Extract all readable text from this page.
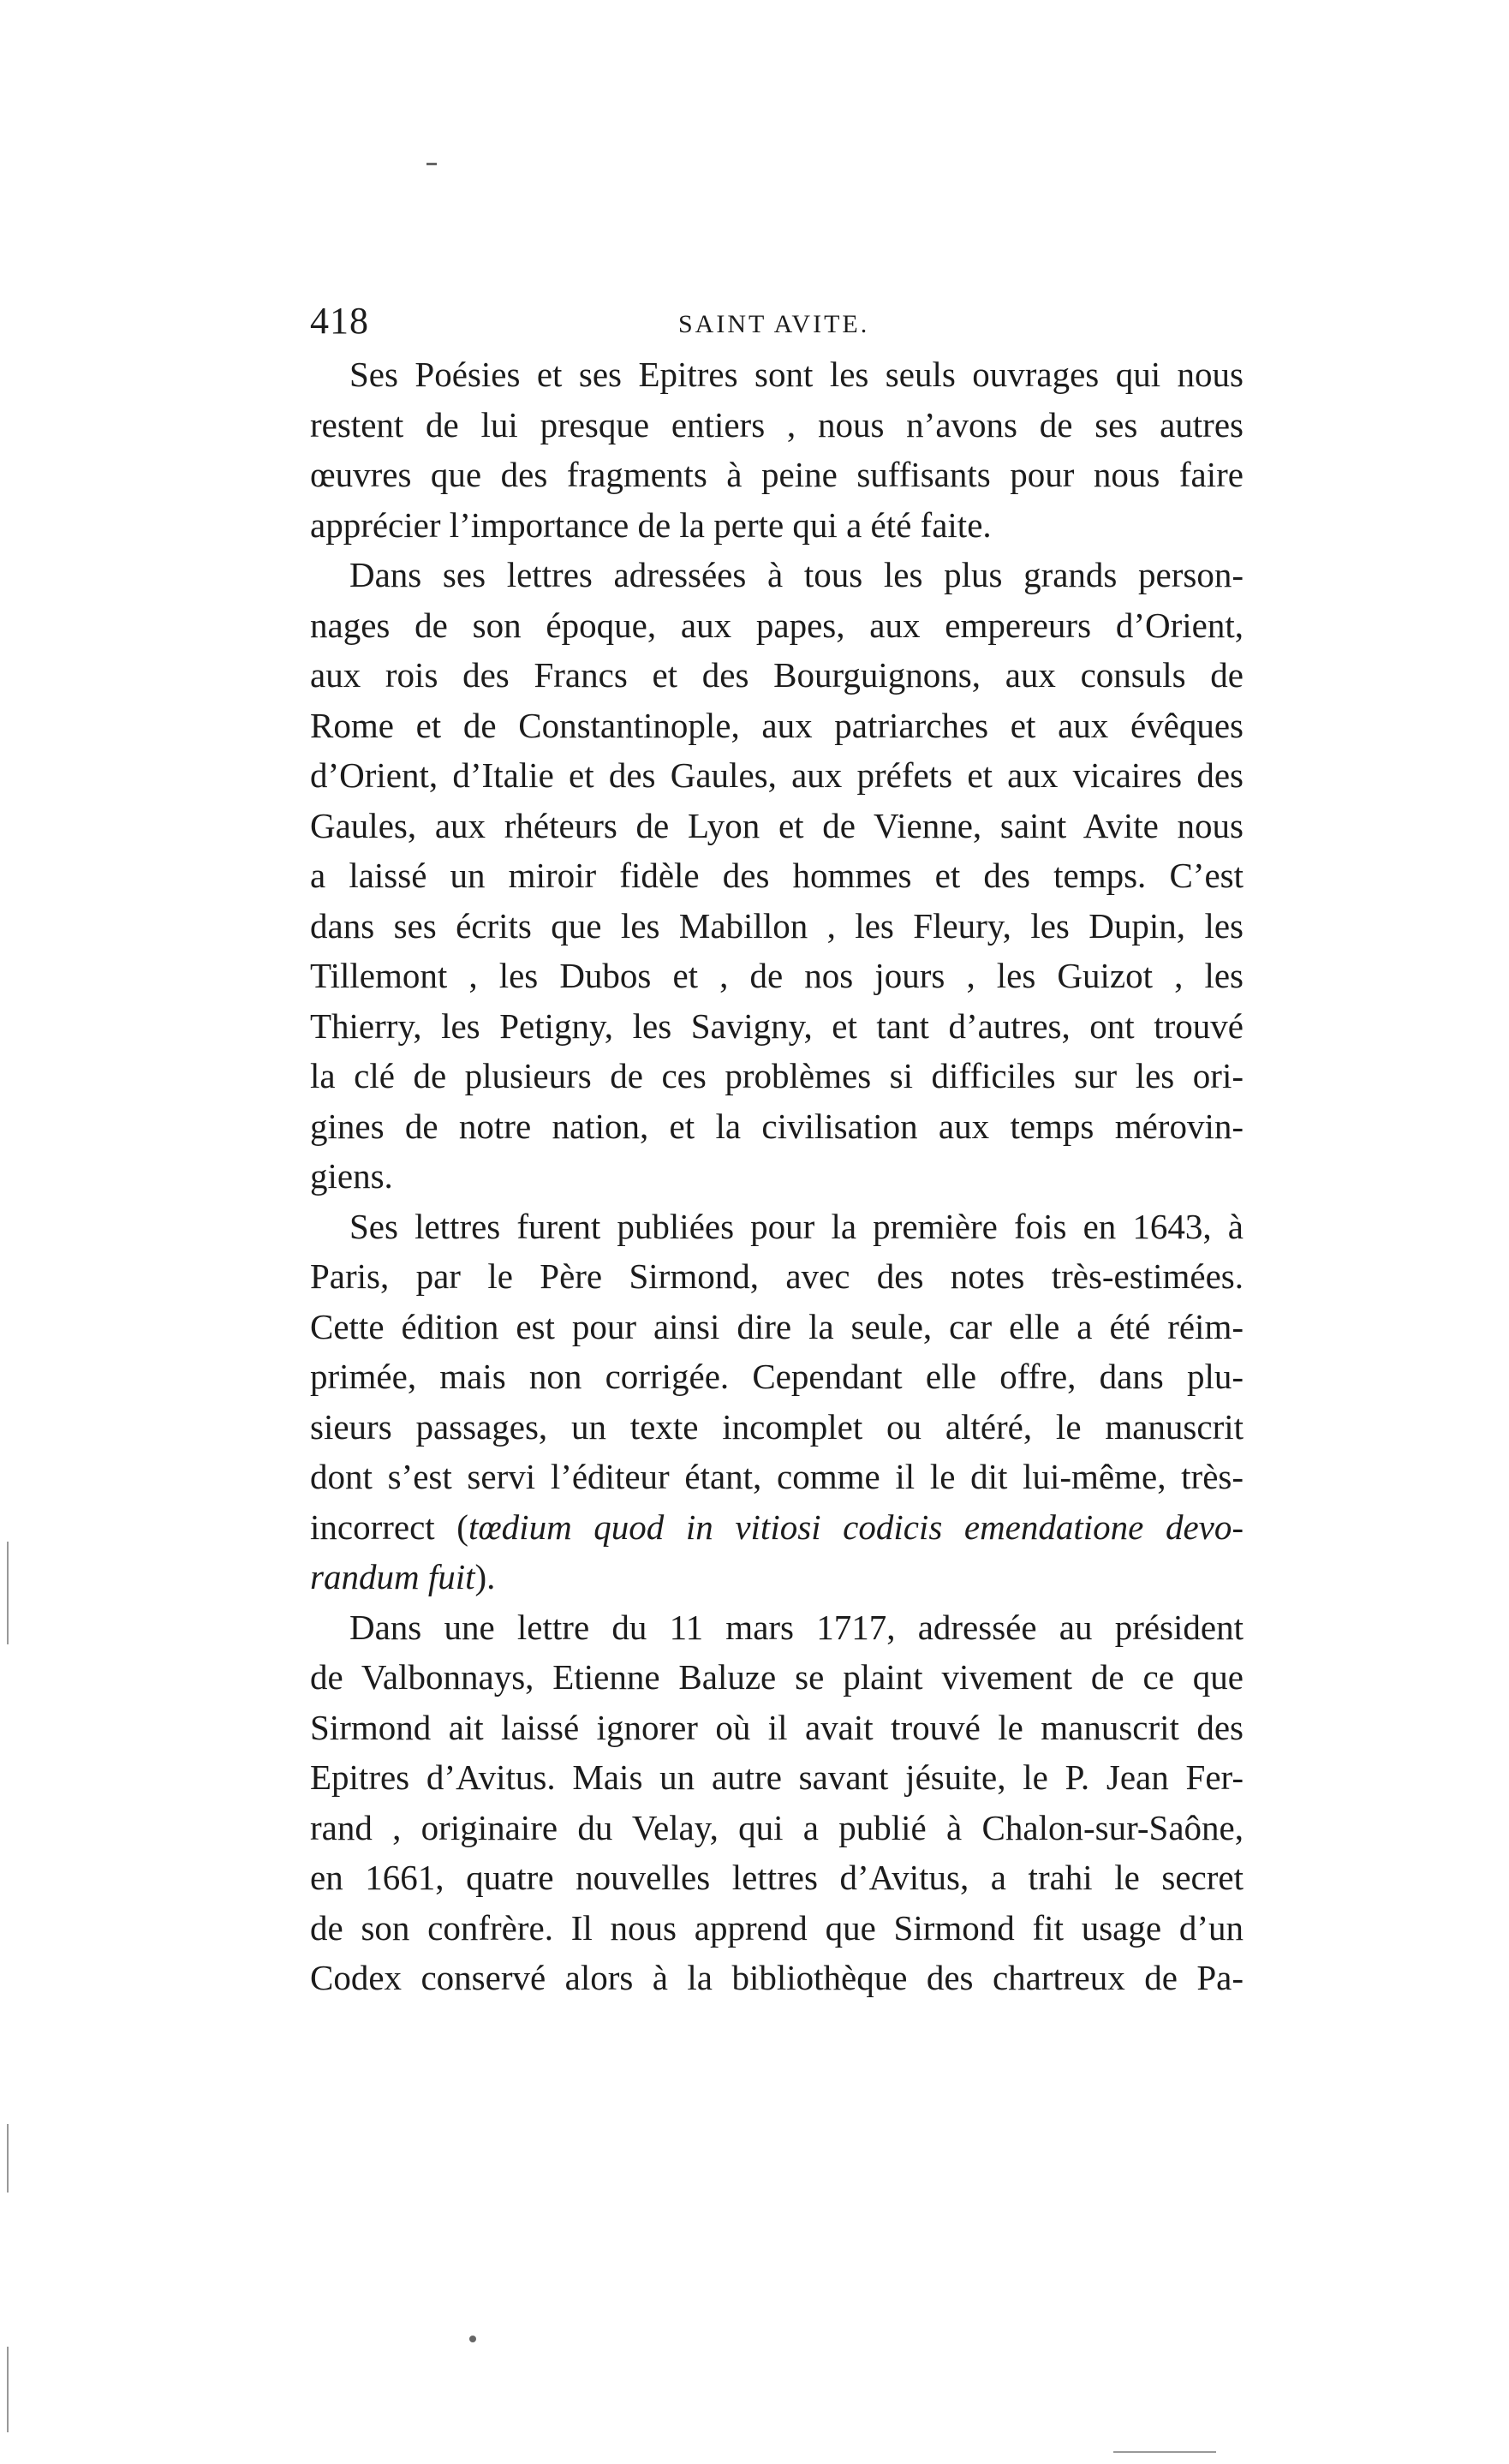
418	SAINT AVITE.
Ses Poésies et ses Epitres sont les seuls ouvrages qui nous
restent de lui presque entiers , nous n’avons de ses autres
œuvres que des fragments à peine suffisants pour nous faire
apprécier l’importance de la perte qui a été faite.
Dans ses lettres adressées à tous les plus grands person-
nages de son époque, aux papes, aux empereurs d’Orient,
aux rois des Francs et des Bourguignons, aux consuls de
Rome et de Constantinople, aux patriarches et aux évêques
d’Orient, d’Italie et des Gaules, aux préfets et aux vicaires des
Gaules, aux rhéteurs de Lyon et de Vienne, saint Avite nous
a laissé un miroir fidèle des hommes et des temps. C’est
dans ses écrits que les Mabillon , les Fleury, les Dupin, les
Tillemont , les Dubos et , de nos jours , les Guizot , les
Thierry, les Petigny, les Savigny, et tant d’autres, ont trouvé
la clé de plusieurs de ces problèmes si difficiles sur les ori-
gines de notre nation, et la civilisation aux temps mérovin-
giens.
Ses lettres furent publiées pour la première fois en 1643, à
Paris, par le Père Sirmond, avec des notes très-estimées.
Cette édition est pour ainsi dire la seule, car elle a été réim-
primée, mais non corrigée. Cependant elle offre, dans plu-
sieurs passages, un texte incomplet ou altéré, le manuscrit
dont s’est servi l’éditeur étant, comme il le dit lui-même, très-
incorrect (tœdium quod in vitiosi codicis emendatione devo-
randum fuit).
Dans une lettre du 11 mars 1717, adressée au président
de Valbonnays, Etienne Baluze se plaint vivement de ce que
Sirmond ait laissé ignorer où il avait trouvé le manuscrit des
Epitres d’Avitus. Mais un autre savant jésuite, le P. Jean Fer-
rand , originaire du Velay, qui a publié à Chalon-sur-Saône,
en 1661, quatre nouvelles lettres d’Avitus, a trahi le secret
de son confrère. Il nous apprend que Sirmond fit usage d’un
Codex conservé alors à la bibliothèque des chartreux de Pa-
